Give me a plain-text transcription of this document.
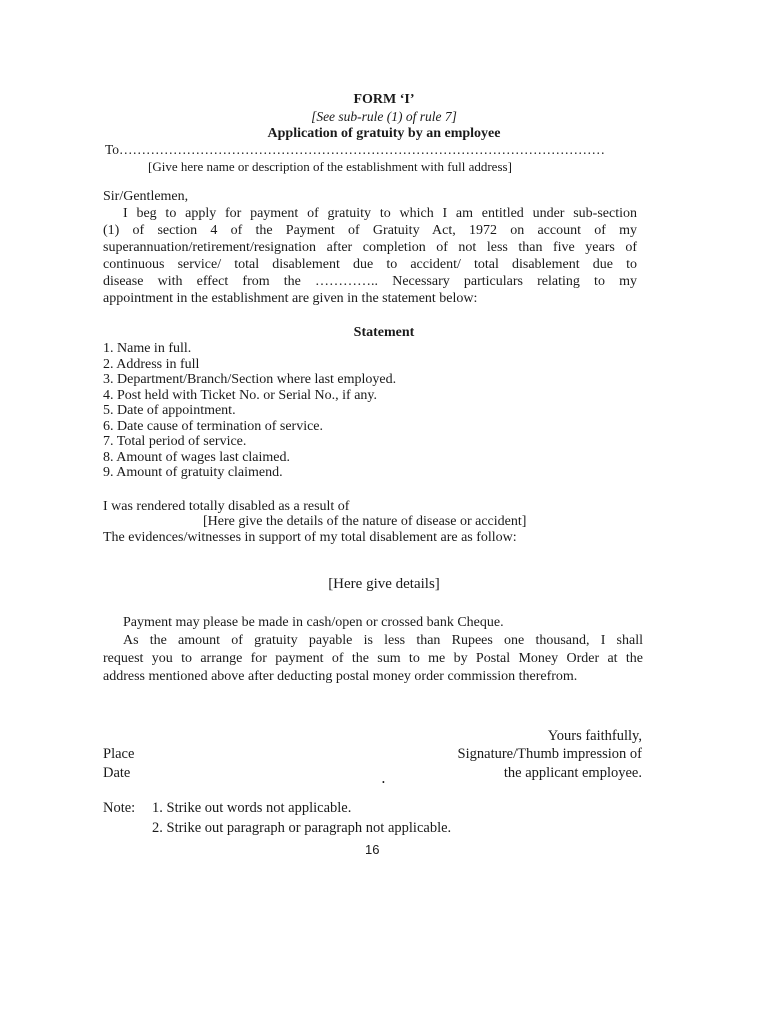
FORM ‘I’
[See sub-rule (1) of rule 7]
Application of gratuity by an employee
To………………………………………………………………………………………………
[Give here name or description of the establishment with full address]
Sir/Gentlemen,
I beg to apply for payment of gratuity to which I am entitled under sub-section
(1) of section 4 of the Payment of Gratuity Act, 1972 on account of my
superannuation/retirement/resignation after completion of not less than five years of
continuous service/ total disablement due to accident/ total disablement due to
disease with effect from the ………….. Necessary particulars relating to my
appointment in the establishment are given in the statement below:
Statement
1. Name in full.
2. Address in full
3. Department/Branch/Section where last employed.
4. Post held with Ticket No. or Serial No., if any.
5. Date of appointment.
6. Date cause of termination of service.
7. Total period of service.
8. Amount of wages last claimed.
9. Amount of gratuity claimend.
I was rendered totally disabled as a result of
[Here give the details of the nature of disease or accident]
The evidences/witnesses in support of my total disablement are as follow:
[Here give details]
Payment may please be made in cash/open or crossed bank Cheque.
As the amount of gratuity payable is less than Rupees one thousand, I shall
request you to arrange for payment of the sum to me by Postal Money Order at the
address mentioned above after deducting postal money order commission therefrom.
Yours faithfully,
Place	Signature/Thumb impression of
Date	the applicant employee.
•
Note: 1. Strike out words not applicable.
2. Strike out paragraph or paragraph not applicable.
16
